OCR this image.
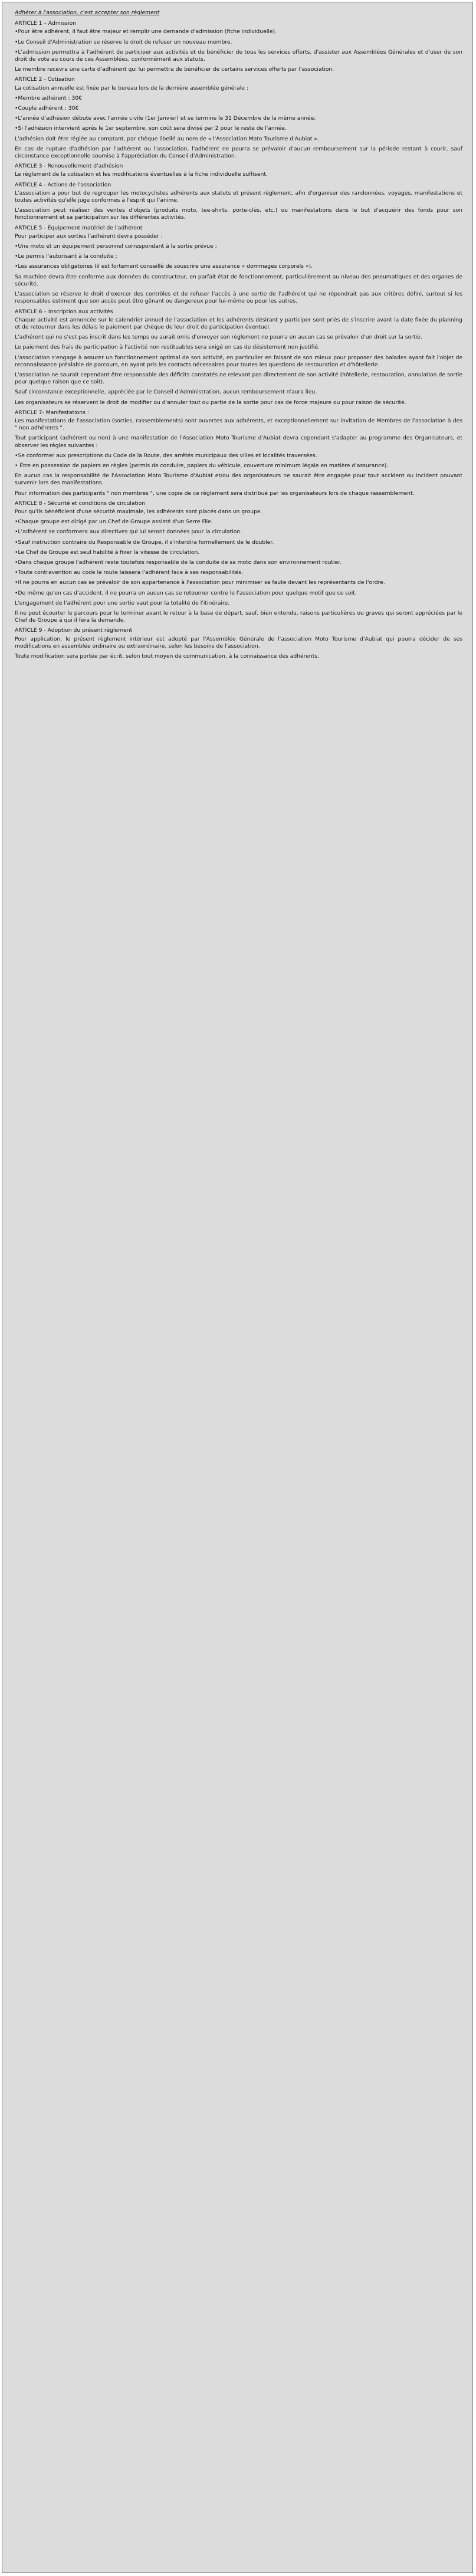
Adhérer à l'association, c'est accepter son règlement

ARTICLE 1 – Admission

•Pour être adhérent, il faut être majeur et remplir une demande d'admission (fiche individuelle).

•Le Conseil d'Administration se réserve le droit de refuser un nouveau membre.

•L'admission permettra à l'adhérent de participer aux activités et de bénéficier de tous les services offerts, d'assister aux Assemblées Générales et d'user de son droit de vote au cours de ces Assemblées, conformément aux statuts.

Le membre recevra une carte d'adhérent qui lui permettra de bénéficier de certains services offerts par l'association.

ARTICLE 2 - Cotisation

La cotisation annuelle est fixée par le bureau lors de la dernière assemblée générale :

•Membre adhérent : 30€

•Couple adhérent : 30€

•L'année d'adhésion débute avec l'année civile (1er Janvier) et se termine le 31 Décembre de la même année.

•Si l'adhésion intervient après le 1er septembre, son coût sera divisé par 2 pour le reste de l'année.

L'adhésion doit être réglée au comptant, par chèque libellé au nom de « l'Association Moto Tourisme d'Aubiat ».

En cas de rupture d'adhésion par l'adhérent ou l'association, l'adhérent ne pourra se prévaloir d'aucun remboursement sur la période restant à courir, sauf circonstance exceptionnelle soumise à l'appréciation du Conseil d'Administration.

ARTICLE 3 - Renouvellement d'adhésion

Le règlement de la cotisation et les modifications éventuelles à la fiche individuelle suffisent.

ARTICLE 4 - Actions de l'association

L'association a pour but de regrouper les motocyclistes adhérents aux statuts et présent règlement, afin d'organiser des randonnées, voyages, manifestations et toutes activités qu'elle juge conformes à l'esprit qui l'anime.

L'association peut réaliser des ventes d'objets (produits moto, tee-shirts, porte-clés, etc.) ou manifestations dans le but d'acquérir des fonds pour son fonctionnement et sa participation sur les différentes activités.

ARTICLE 5 - Équipement matériel de l'adhérent

Pour participer aux sorties l'adhérent devra posséder :

•Une moto et un équipement personnel correspondant à la sortie prévue ;

•Le permis l'autorisant à la conduite ;

•Les assurances obligatoires (il est fortement conseillé de souscrire une assurance « dommages corporels »).

Sa machine devra être conforme aux données du constructeur, en parfait état de fonctionnement, particulièrement au niveau des pneumatiques et des organes de sécurité.

L'association se réserve le droit d'exercer des contrôles et de refuser l'accès à une sortie de l'adhérent qui ne répondrait pas aux critères défini, surtout si les responsables estiment que son accès peut être gênant ou dangereux pour lui-même ou pour les autres.

ARTICLE 6 – Inscription aux activités

Chaque activité est annoncée sur le calendrier annuel de l'association et les adhérents désirant y participer sont priés de s'inscrire avant la date fixée du planning et de retourner dans les délais le paiement par chèque de leur droit de participation éventuel.

L'adhérent qui ne s'est pas inscrit dans les temps ou aurait omis d'envoyer son règlement ne pourra en aucun cas se prévaloir d'un droit sur la sortie.

Le paiement des frais de participation à l'activité non restituables sera exigé en cas de désistement non justifié.

L'association s'engage à assurer un fonctionnement optimal de son activité, en particulier en faisant de son mieux pour proposer des balades ayant fait l'objet de reconnaissance préalable de parcours, en ayant pris les contacts nécessaires pour toutes les questions de restauration et d'hôtellerie.

L'association ne saurait cependant être responsable des déficits constatés ne relevant pas directement de son activité (hôtellerie, restauration, annulation de sortie pour quelque raison que ce soit).

Sauf circonstance exceptionnelle, appréciée par le Conseil d'Administration, aucun remboursement n'aura lieu.

Les organisateurs se réservent le droit de modifier ou d'annuler tout ou partie de la sortie pour cas de force majeure ou pour raison de sécurité.

ARTICLE 7- Manifestations :

Les manifestations de l'association (sorties, rassemblements) sont ouvertes aux adhérents, et exceptionnellement sur invitation de Membres de l'association à des " non adhérents ".

Tout participant (adhérent ou non) à une manifestation de l'Association Moto Tourisme d'Aubiat devra cependant s'adapter au programme des Organisateurs, et observer les règles suivantes :

•Se conformer aux prescriptions du Code de la Route, des arrêtés municipaux des villes et localités traversées.

• Être en possession de papiers en règles (permis de conduire, papiers du véhicule, couverture minimum légale en matière d'assurance).

En aucun cas la responsabilité de l'Association Moto Tourisme d'Aubiat et/ou des organisateurs ne saurait être engagée pour tout accident ou incident pouvant survenir lors des manifestations.

Pour information des participants " non membres ", une copie de ce règlement sera distribué par les organisateurs lors de chaque rassemblement.

ARTICLE 8 - Sécurité et conditions de circulation

Pour qu'ils bénéficient d'une sécurité maximale, les adhérents sont placés dans un groupe.

•Chaque groupe est dirigé par un Chef de Groupe assisté d'un Serre File.

•L'adhérent se conformera aux directives qui lui seront données pour la circulation.

•Sauf instruction contraire du Responsable de Groupe, il s'interdira formellement de le doubler.

•Le Chef de Groupe est seul habilité à fixer la vitesse de circulation.

•Dans chaque groupe l'adhérent reste toutefois responsable de la conduite de sa moto dans son environnement routier.

•Toute contravention au code la route laissera l'adhérent face à ses responsabilités.

•Il ne pourra en aucun cas se prévaloir de son appartenance à l'association pour minimiser sa faute devant les représentants de l'ordre.

•De même qu'en cas d'accident, il ne pourra en aucun cas se retourner contre le l'association pour quelque motif que ce soit.

L'engagement de l'adhérent pour une sortie vaut pour la totalité de l'itinéraire.

Il ne peut écourter le parcours pour le terminer avant le retour à la base de départ, sauf, bien entendu, raisons particulières ou graves qui seront appréciées par le Chef de Groupe à qui il fera la demande.

ARTICLE 9 - Adoption du présent règlement

Pour application, le présent règlement intérieur est adopté par l'Assemblée Générale de l'association Moto Tourisme d'Aubiat qui pourra décider de ses modifications en assemblée ordinaire ou extraordinaire, selon les besoins de l'association.

Toute modification sera portée par écrit, selon tout moyen de communication, à la connaissance des adhérents.
